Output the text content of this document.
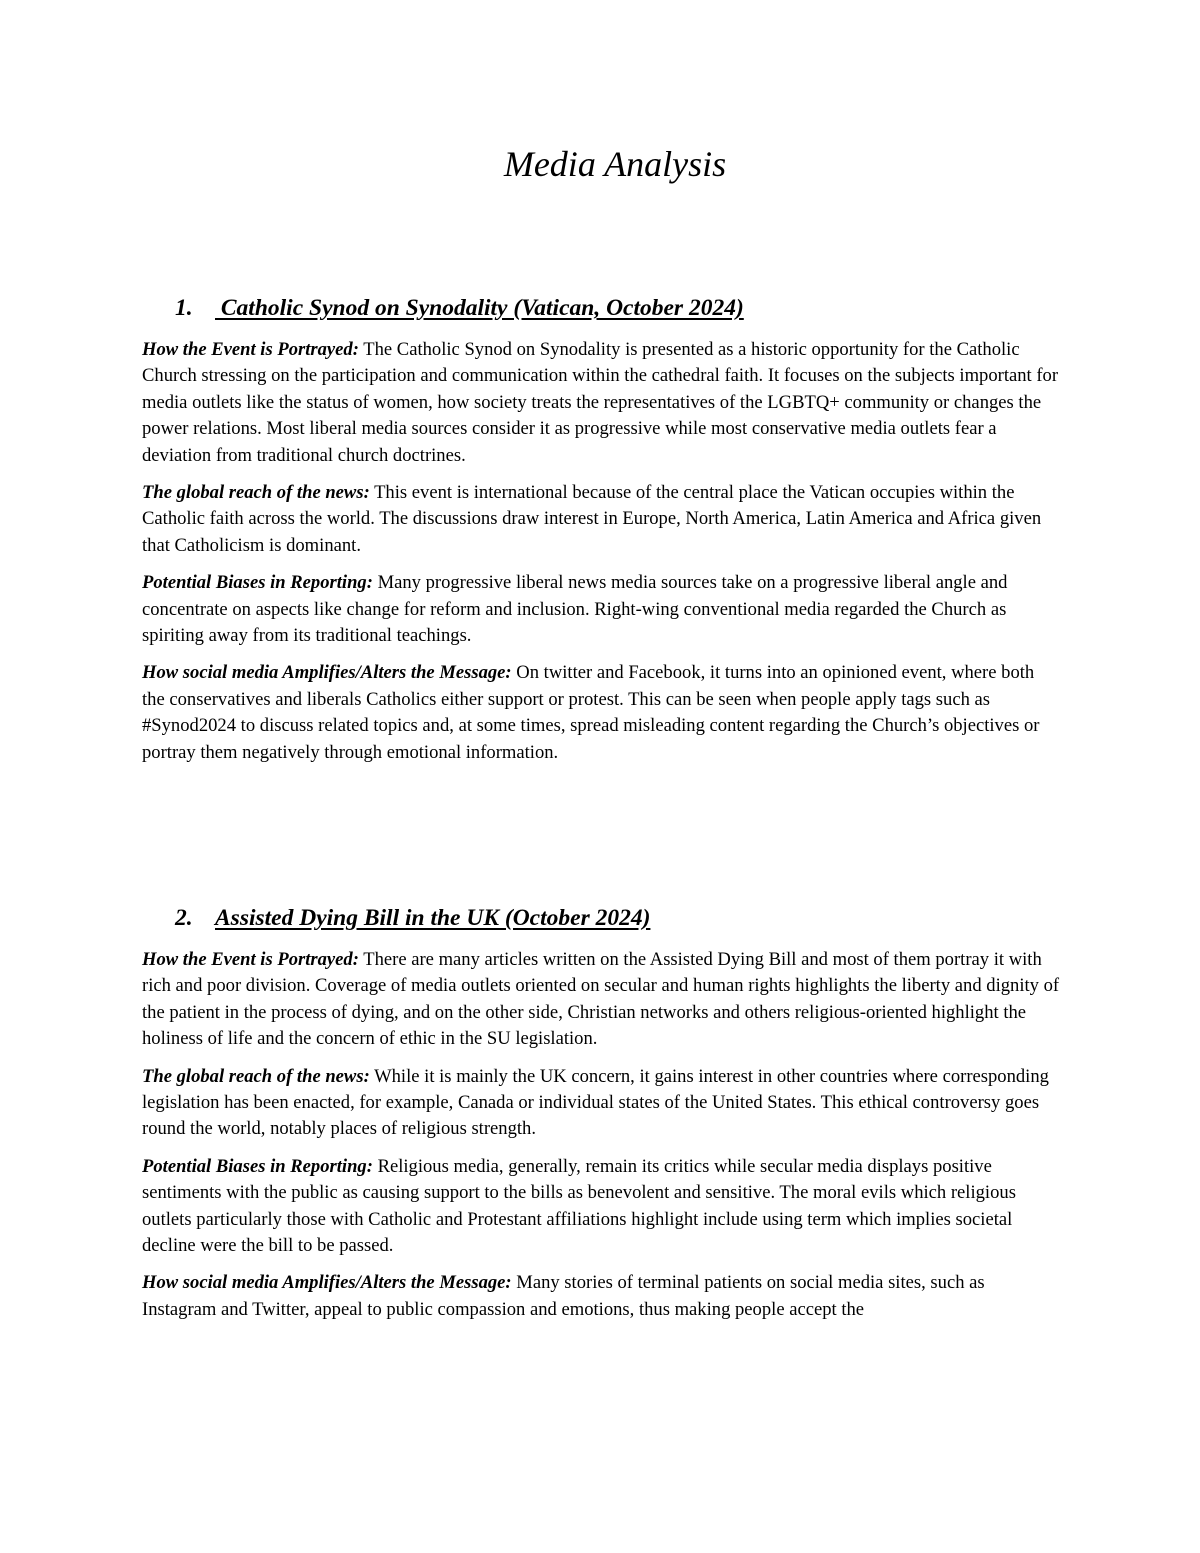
Media Analysis
1. Catholic Synod on Synodality (Vatican, October 2024)

How the Event is Portrayed: The Catholic Synod on Synodality is presented as a historic opportunity for the Catholic Church stressing on the participation and communication within the cathedral faith. It focuses on the subjects important for media outlets like the status of women, how society treats the representatives of the LGBTQ+ community or changes the power relations. Most liberal media sources consider it as progressive while most conservative media outlets fear a deviation from traditional church doctrines.

The global reach of the news: This event is international because of the central place the Vatican occupies within the Catholic faith across the world. The discussions draw interest in Europe, North America, Latin America and Africa given that Catholicism is dominant.

Potential Biases in Reporting: Many progressive liberal news media sources take on a progressive liberal angle and concentrate on aspects like change for reform and inclusion. Right-wing conventional media regarded the Church as spiriting away from its traditional teachings.

How social media Amplifies/Alters the Message: On twitter and Facebook, it turns into an opinioned event, where both the conservatives and liberals Catholics either support or protest. This can be seen when people apply tags such as #Synod2024 to discuss related topics and, at some times, spread misleading content regarding the Church’s objectives or portray them negatively through emotional information.

2. Assisted Dying Bill in the UK (October 2024)

How the Event is Portrayed: There are many articles written on the Assisted Dying Bill and most of them portray it with rich and poor division. Coverage of media outlets oriented on secular and human rights highlights the liberty and dignity of the patient in the process of dying, and on the other side, Christian networks and others religious-oriented highlight the holiness of life and the concern of ethic in the SU legislation.

The global reach of the news: While it is mainly the UK concern, it gains interest in other countries where corresponding legislation has been enacted, for example, Canada or individual states of the United States. This ethical controversy goes round the world, notably places of religious strength.

Potential Biases in Reporting: Religious media, generally, remain its critics while secular media displays positive sentiments with the public as causing support to the bills as benevolent and sensitive. The moral evils which religious outlets particularly those with Catholic and Protestant affiliations highlight include using term which implies societal decline were the bill to be passed.

How social media Amplifies/Alters the Message: Many stories of terminal patients on social media sites, such as Instagram and Twitter, appeal to public compassion and emotions, thus making people accept the
